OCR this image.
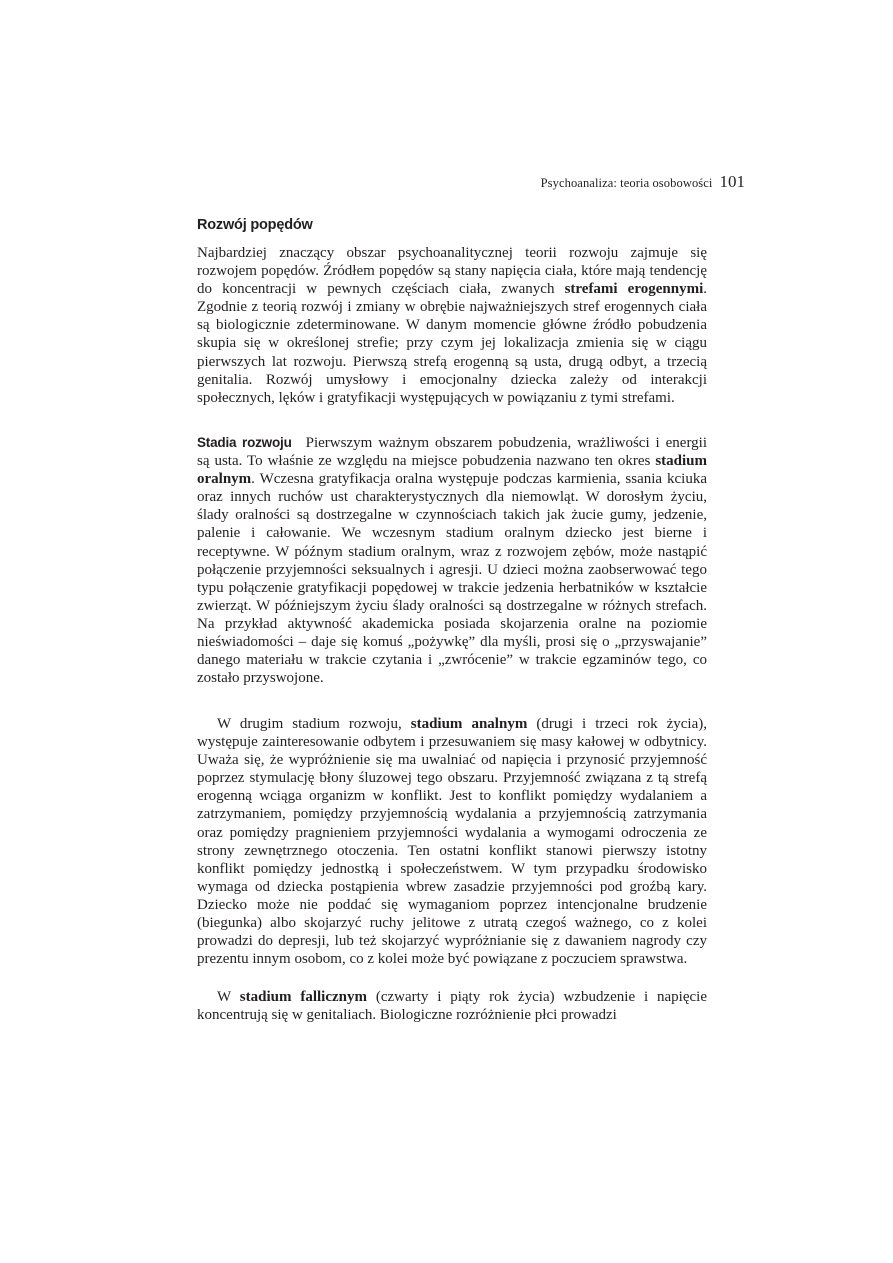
Psychoanaliza: teoria osobowości 101
Rozwój popędów

Najbardziej znaczący obszar psychoanalitycznej teorii rozwoju zajmuje się rozwojem popędów. Źródłem popędów są stany napięcia ciała, które mają tendencję do koncentracji w pewnych częściach ciała, zwanych strefami erogennymi. Zgodnie z teorią rozwój i zmiany w obrębie najważniejszych stref erogennych ciała są biologicznie zdeterminowane. W danym momencie główne źródło pobudzenia skupia się w określonej strefie; przy czym jej lokalizacja zmienia się w ciągu pierwszych lat rozwoju. Pierwszą strefą erogenną są usta, drugą odbyt, a trzecią genitalia. Rozwój umysłowy i emocjonalny dziecka zależy od interakcji społecznych, lęków i gratyfikacji występujących w powiązaniu z tymi strefami.

Stadia rozwoju Pierwszym ważnym obszarem pobudzenia, wrażliwości i energii są usta. To właśnie ze względu na miejsce pobudzenia nazwano ten okres stadium oralnym. Wczesna gratyfikacja oralna występuje podczas karmienia, ssania kciuka oraz innych ruchów ust charakterystycznych dla niemowląt. W dorosłym życiu, ślady oralności są dostrzegalne w czynnościach takich jak żucie gumy, jedzenie, palenie i całowanie. We wczesnym stadium oralnym dziecko jest bierne i receptywne. W późnym stadium oralnym, wraz z rozwojem zębów, może nastąpić połączenie przyjemności seksualnych i agresji. U dzieci można zaobserwować tego typu połączenie gratyfikacji popędowej w trakcie jedzenia herbatników w kształcie zwierząt. W późniejszym życiu ślady oralności są dostrzegalne w różnych strefach. Na przykład aktywność akademicka posiada skojarzenia oralne na poziomie nieświadomości – daje się komuś „pożywkę” dla myśli, prosi się o „przyswajanie” danego materiału w trakcie czytania i „zwrócenie” w trakcie egzaminów tego, co zostało przyswojone.

W drugim stadium rozwoju, stadium analnym (drugi i trzeci rok życia), występuje zainteresowanie odbytem i przesuwaniem się masy kałowej w odbytnicy. Uważa się, że wypróżnienie się ma uwalniać od napięcia i przynosić przyjemność poprzez stymulację błony śluzowej tego obszaru. Przyjemność związana z tą strefą erogenną wciąga organizm w konflikt. Jest to konflikt pomiędzy wydalaniem a zatrzymaniem, pomiędzy przyjemnością wydalania a przyjemnością zatrzymania oraz pomiędzy pragnieniem przyjemności wydalania a wymogami odroczenia ze strony zewnętrznego otoczenia. Ten ostatni konflikt stanowi pierwszy istotny konflikt pomiędzy jednostką i społeczeństwem. W tym przypadku środowisko wymaga od dziecka postąpienia wbrew zasadzie przyjemności pod groźbą kary. Dziecko może nie poddać się wymaganiom poprzez intencjonalne brudzenie (biegunka) albo skojarzyć ruchy jelitowe z utratą czegoś ważnego, co z kolei prowadzi do depresji, lub też skojarzyć wypróżnianie się z dawaniem nagrody czy prezentu innym osobom, co z kolei może być powiązane z poczuciem sprawstwa.

W stadium fallicznym (czwarty i piąty rok życia) wzbudzenie i napięcie koncentrują się w genitaliach. Biologiczne rozróżnienie płci prowadzi
